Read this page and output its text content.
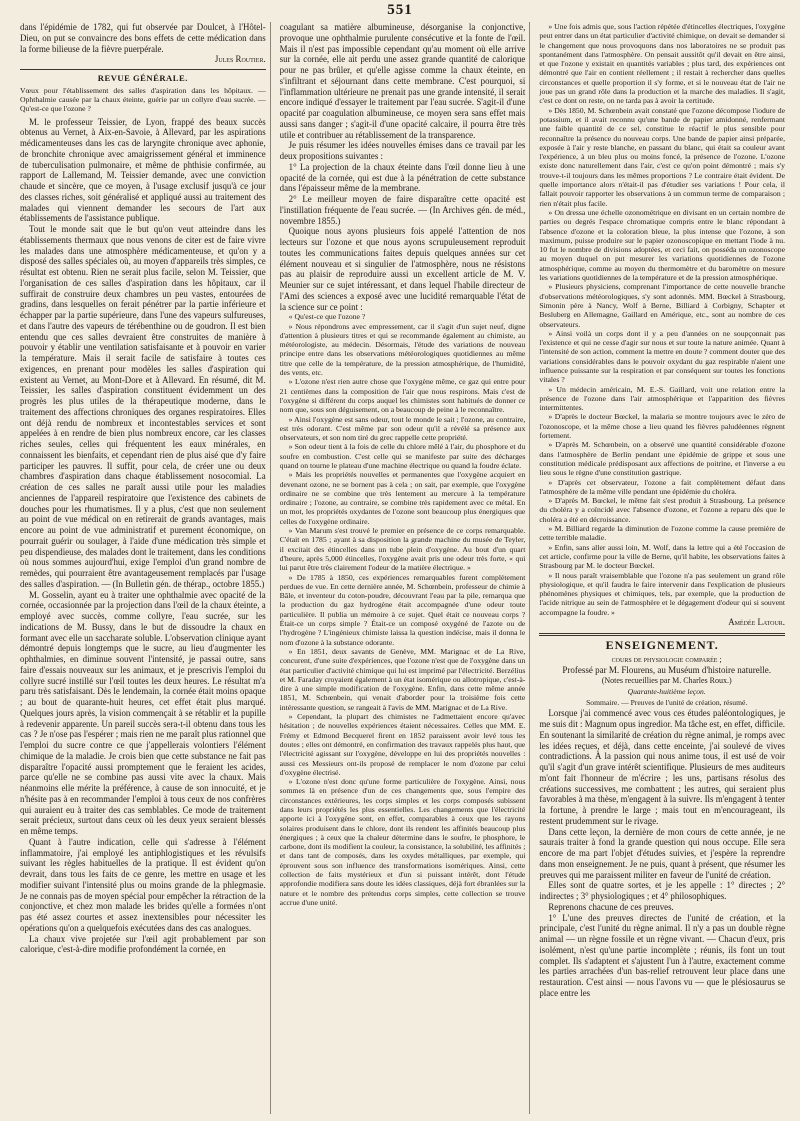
551

dans l'épidémie de 1782, qui fut observée par Doulcet, à l'Hôtel-Dieu, on put se convaincre des bons effets de cette médication dans la forme bilieuse de la fièvre puerpérale.

Jules Routier.

REVUE GÉNÉRALE.

Vœux pour l'établissement des salles d'aspiration dans les hôpitaux. — Ophthalmie causée par la chaux éteinte, guérie par un collyre d'eau sucrée. — Qu'est-ce que l'ozone ?

M. le professeur Teissier, de Lyon, frappé des beaux succès obtenus au Vernet, à Aix-en-Savoie, à Allevard, par les aspirations médicamenteuses dans les cas de laryngite chronique avec aphonie, de bronchite chronique avec amaigrissement général et imminence de tuberculisation pulmonaire, et même de phthisie confirmée, au rapport de Lallemand, M. Teissier demande, avec une conviction chaude et sincère, que ce moyen, à l'usage exclusif jusqu'à ce jour des classes riches, soit généralisé et appliqué aussi au traitement des malades qui viennent demander les secours de l'art aux établissements de l'assistance publique.

Tout le monde sait que le but qu'on veut atteindre dans les établissements thermaux que nous venons de citer est de faire vivre les malades dans une atmosphère médicamenteuse, et qu'on y a disposé des salles spéciales où, au moyen d'appareils très simples, ce résultat est obtenu. Rien ne serait plus facile, selon M. Teissier, que l'organisation de ces salles d'aspiration dans les hôpitaux, car il suffirait de construire deux chambres un peu vastes, entourées de gradins, dans lesquelles on ferait pénétrer par la partie inférieure et échapper par la partie supérieure, dans l'une des vapeurs sulfureuses, et dans l'autre des vapeurs de térébenthine ou de goudron. Il est bien entendu que ces salles devraient être construites de manière à pouvoir y établir une ventilation satisfaisante et à pouvoir en varier la température. Mais il serait facile de satisfaire à toutes ces exigences, en prenant pour modèles les salles d'aspiration qui existent au Vernet, au Mont-Dore et à Allevard. En résumé, dit M. Teissier, les salles d'aspiration constituent évidemment un des progrès les plus utiles de la thérapeutique moderne, dans le traitement des affections chroniques des organes respiratoires. Elles ont déjà rendu de nombreux et incontestables services et sont appelées à en rendre de bien plus nombreux encore, car les classes riches seules, celles qui fréquentent les eaux minérales, en connaissent les bienfaits, et cependant rien de plus aisé que d'y faire participer les pauvres. Il suffit, pour cela, de créer une ou deux chambres d'aspiration dans chaque établissement nosocomial. La création de ces salles ne paraît aussi utile pour les maladies anciennes de l'appareil respiratoire que l'existence des cabinets de douches pour les rhumatismes. Il y a plus, c'est que non seulement au point de vue médical on en retirerait de grands avantages, mais encore au point de vue administratif et purement économique, on pourrait guérir ou soulager, à l'aide d'une médication très simple et peu dispendieuse, des malades dont le traitement, dans les conditions où nous sommes aujourd'hui, exige l'emploi d'un grand nombre de remèdes, qui pourraient être avantageusement remplacés par l'usage des salles d'aspiration. — (In Bulletin gén. de thérap., octobre 1855.)

M. Gosselin, ayant eu à traiter une ophthalmie avec opacité de la cornée, occasionnée par la projection dans l'œil de la chaux éteinte, a employé avec succès, comme collyre, l'eau sucrée, sur les indications de M. Bussy, dans le but de dissoudre la chaux en formant avec elle un saccharate soluble. L'observation clinique ayant démontré depuis longtemps que le sucre, au lieu d'augmenter les ophthalmies, en diminue souvent l'intensité, je passai outre, sans faire d'essais nouveaux sur les animaux, et je prescrivis l'emploi du collyre sucré instillé sur l'œil toutes les deux heures. Le résultat m'a paru très satisfaisant. Dès le lendemain, la cornée était moins opaque ; au bout de quarante-huit heures, cet effet était plus marqué. Quelques jours après, la vision commençait à se rétablir et la pupille à redevenir apparente. Un pareil succès sera-t-il obtenu dans tous les cas ? Je n'ose pas l'espérer ; mais rien ne me paraît plus rationnel que l'emploi du sucre contre ce que j'appellerais volontiers l'élément chimique de la maladie. Je crois bien que cette substance ne fait pas disparaître l'opacité aussi promptement que le feraient les acides, parce qu'elle ne se combine pas aussi vite avec la chaux. Mais néanmoins elle mérite la préférence, à cause de son innocuité, et je n'hésite pas à en recommander l'emploi à tous ceux de nos confrères qui auraient eu à traiter des cas semblables. Ce mode de traitement serait précieux, surtout dans ceux où les deux yeux seraient blessés en même temps.

Quant à l'autre indication, celle qui s'adresse à l'élément inflammatoire, j'ai employé les antiphlogistiques et les révulsifs suivant les règles habituelles de la pratique. Il est évident qu'on devrait, dans tous les faits de ce genre, les mettre en usage et les modifier suivant l'intensité plus ou moins grande de la phlegmasie. Je ne connais pas de moyen spécial pour empêcher la rétraction de la conjonctive, et chez mon malade les brides qu'elle a formées n'ont pas été assez courtes et assez inextensibles pour nécessiter les opérations qu'on a quelquefois exécutées dans des cas analogues.

La chaux vive projetée sur l'œil agit probablement par son calorique, c'est-à-dire modifie profondément la cornée, en

coagulant sa matière albumineuse, désorganise la conjonctive, provoque une ophthalmie purulente consécutive et la fonte de l'œil. Mais il n'est pas impossible cependant qu'au moment où elle arrive sur la cornée, elle ait perdu une assez grande quantité de calorique pour ne pas brûler, et qu'elle agisse comme la chaux éteinte, en s'infiltrant et séjournant dans cette membrane. C'est pourquoi, si l'inflammation ultérieure ne prenait pas une grande intensité, il serait encore indiqué d'essayer le traitement par l'eau sucrée. S'agit-il d'une opacité par coagulation albumineuse, ce moyen sera sans effet mais aussi sans danger ; s'agit-il d'une opacité calcaire, il pourra être très utile et contribuer au rétablissement de la transparence.

Je puis résumer les idées nouvelles émises dans ce travail par les deux propositions suivantes :

1° La projection de la chaux éteinte dans l'œil donne lieu à une opacité de la cornée, qui est due à la pénétration de cette substance dans l'épaisseur même de la membrane.

2° Le meilleur moyen de faire disparaître cette opacité est l'instillation fréquente de l'eau sucrée. — (In Archives gén. de méd., novembre 1855.)

Quoique nous ayons plusieurs fois appelé l'attention de nos lecteurs sur l'ozone et que nous ayons scrupuleusement reproduit toutes les communications faites depuis quelques années sur cet élément nouveau et si singulier de l'atmosphère, nous ne résistons pas au plaisir de reproduire aussi un excellent article de M. V. Meunier sur ce sujet intéressant, et dans lequel l'habile directeur de l'Ami des sciences a exposé avec une lucidité remarquable l'état de la science sur ce point :

« Qu'est-ce que l'ozone ?

» Nous répondrons avec empressement, car il s'agit d'un sujet neuf, digne d'attention à plusieurs titres et qui se recommande également au chimiste, au météorologiste, au médecin. Désormais, l'étude des variations de nouveau principe entre dans les observations météorologiques quotidiennes au même titre que celle de la température, de la pression atmosphérique, de l'humidité, des vents, etc.

» L'ozone n'est rien autre chose que l'oxygène même, ce gaz qui entre pour 21 centièmes dans la composition de l'air que nous respirons. Mais c'est de l'oxygène si différent du corps auquel les chimistes sont habitués de donner ce nom que, sous son déguisement, on a beaucoup de peine à le reconnaître.

» Ainsi l'oxygène est sans odeur, tout le monde le sait ; l'ozone, au contraire, est très odorant. C'est même par son odeur qu'il a révélé sa présence aux observateurs, et son nom tiré du grec rappelle cette propriété.

» Son odeur tient à la fois de celle du chlore mêlé à l'air, du phosphore et du soufre en combustion. C'est celle qui se manifeste par suite des décharges quand on tourne le plateau d'une machine électrique ou quand la foudre éclate.

» Mais les propriétés nouvelles et permanentes que l'oxygène acquiert en devenant ozone, ne se bornent pas à cela ; on sait, par exemple, que l'oxygène ordinaire ne se combine que très lentement au mercure à la température ordinaire ; l'ozone, au contraire, se combine très rapidement avec ce métal. En un mot, les propriétés oxydantes de l'ozone sont beaucoup plus énergiques que celles de l'oxygène ordinaire.

» Van Marum s'est trouvé le premier en présence de ce corps remarquable. C'était en 1785 ; ayant à sa disposition la grande machine du musée de Teyler, il excitait des étincelles dans un tube plein d'oxygène. Au bout d'un quart d'heure, après 5,000 étincelles, l'oxygène avait pris une odeur très forte, « qui lui parut être très clairement l'odeur de la matière électrique. »

» De 1785 à 1850, ces expériences remarquables furent complètement perdues de vue. En cette dernière année, M. Schœnbein, professeur de chimie à Bâle, et inventeur du coton-poudre, découvrant l'eau par la pile, remarqua que la production du gaz hydrogène était accompagnée d'une odeur toute particulière. Il publia un mémoire à ce sujet. Quel était ce nouveau corps ? Était-ce un corps simple ? Était-ce un composé oxygéné de l'azote ou de l'hydrogène ? L'ingénieux chimiste laissa la question indécise, mais il donna le nom d'ozone à la substance odorante.

» En 1851, deux savants de Genève, MM. Marignac et de La Rive, concurent, d'une suite d'expériences, que l'ozone n'est que de l'oxygène dans un état particulier d'activité chimique qui lui est imprimé par l'électricité. Berzélius et M. Faraday croyaient également à un état isomérique ou allotropique, c'est-à-dire à une simple modification de l'oxygène. Enfin, dans cette même année 1851, M. Schœnbein, qui venait d'aborder pour la troisième fois cette intéressante question, se rangeait à l'avis de MM. Marignac et de La Rive.

» Cependant, la plupart des chimistes ne l'admettaient encore qu'avec hésitation ; de nouvelles expériences étaient nécessaires. Celles que MM. E. Frémy et Edmond Becquerel firent en 1852 paraissent avoir levé tous les doutes ; elles ont démontré, en confirmation des travaux rappelés plus haut, que l'électricité agissant sur l'oxygène, développe en lui des propriétés nouvelles : aussi ces Messieurs ont-ils proposé de remplacer le nom d'ozone par celui d'oxygène électrisé.

» L'ozone n'est donc qu'une forme particulière de l'oxygène. Ainsi, nous sommes là en présence d'un de ces changements que, sous l'empire des circonstances extérieures, les corps simples et les corps composés subissent dans leurs propriétés les plus essentielles. Les changements que l'électricité apporte ici à l'oxygène sont, en effet, comparables à ceux que les rayons solaires produisent dans le chlore, dont ils rendent les affinités beaucoup plus énergiques ; à ceux que la chaleur détermine dans le soufre, le phosphore, le carbone, dont ils modifient la couleur, la consistance, la solubilité, les affinités ; et dans tant de composés, dans les oxydes métalliques, par exemple, qui éprouvent sous son influence des transformations isomériques. Ainsi, cette collection de faits mystérieux et d'un si puissant intérêt, dont l'étude approfondie modifiera sans doute les idées classiques, déjà fort ébranlées sur la nature et le nombre des prétendus corps simples, cette collection se trouve accrue d'une unité.

» Une fois admis que, sous l'action répétée d'étincelles électriques, l'oxygène peut entrer dans un état particulier d'activité chimique, on devait se demander si le changement que nous provoquons dans nos laboratoires ne se produit pas spontanément dans l'atmosphère. On pensait aussitôt qu'il devait en être ainsi, et que l'ozone y existait en quantités variables ; plus tard, des expériences ont démontré que l'air en contient réellement ; il restait à rechercher dans quelles circonstances et quelle proportion il s'y forme, et si le nouveau état de l'air ne joue pas un grand rôle dans la production et la marche des maladies. Il s'agit, c'est ce dont on reste, on ne tarda pas à avoir la certitude.

» Dès 1850, M. Schœnbein avait constaté que l'ozone décompose l'iodure de potassium, et il avait reconnu qu'une bande de papier amidonné, renfermant une faible quantité de ce sel, constitue le réactif le plus sensible pour reconnaître la présence du nouveau corps. Une bande de papier ainsi préparée, exposée à l'air y reste blanche, en passant du blanc, qui était sa couleur avant l'expérience, à un bleu plus ou moins foncé, la présence de l'ozone. L'ozone existe donc naturellement dans l'air, c'est ce qu'on point démontré ; mais s'y trouve-t-il toujours dans les mêmes proportions ? Le contraire était évident. De quelle importance alors n'était-il pas d'étudier ses variations ! Pour cela, il fallait pouvoir rapporter les observations à un commun terme de comparaison ; rien n'était plus facile.

» On dressa une échelle ozonométrique en divisant en un certain nombre de parties ou degrés l'espace chromatique compris entre le blanc répondant à l'absence d'ozone et la coloration bleue, la plus intense que l'ozone, à son maximum, puisse produire sur le papier ozonoscopique en mettant l'iode à nu. 10 fut le nombre de divisions adoptées, et ceci fait, on posséda un ozonoscope au moyen duquel on put mesurer les variations quotidiennes de l'ozone atmosphérique, comme au moyen du thermomètre et du baromètre on mesure les variations quotidiennes de la température et de la pression atmosphérique.

» Plusieurs physiciens, comprenant l'importance de cette nouvelle branche d'observations météorologiques, s'y sont adonnés. MM. Bœckel à Strasbourg, Simonin père à Nancy, Wolf à Berne, Billiard à Corbigny, Schapter et Besluberg en Allemagne, Gaillard en Amérique, etc., sont au nombre de ces observateurs.

» Ainsi voilà un corps dont il y a peu d'années on ne soupçonnait pas l'existence et qui ne cesse d'agir sur nous et sur toute la nature animée. Quant à l'intensité de son action, comment la mettre en doute ? comment douter que des variations considérables dans le pouvoir oxydant du gaz respirable n'aient une influence puissante sur la respiration et par conséquent sur toutes les fonctions vitales ?

» Un médecin américain, M. E.-S. Gaillard, voit une relation entre la présence de l'ozone dans l'air atmosphérique et l'apparition des fièvres intermittentes.

» D'après le docteur Bœckel, la malaria se montre toujours avec le zéro de l'ozonoscope, et la même chose a lieu quand les fièvres paludéennes règnent fortement.

» D'après M. Schœnbein, on a observé une quantité considérable d'ozone dans l'atmosphère de Berlin pendant une épidémie de grippe et sous une constitution médicale prédisposant aux affections de poitrine, et l'inverse a eu lieu sous le règne d'une constitution gastrique.

» D'après cet observateur, l'ozone a fait complètement défaut dans l'atmosphère de la même ville pendant une épidémie du choléra.

» D'après M. Bœckel, le même fait s'est produit à Strasbourg. La présence du choléra y a coïncidé avec l'absence d'ozone, et l'ozone a reparu dès que le choléra a été en décroissance.

» M. Billiard regarde la diminution de l'ozone comme la cause première de cette terrible maladie.

» Enfin, sans aller aussi loin, M. Wolf, dans la lettre qui a été l'occasion de cet article, confirme pour la ville de Berne, qu'il habite, les observations faites à Strasbourg par M. le docteur Bœckel.

» Il nous paraît vraisemblable que l'ozone n'a pas seulement un grand rôle physiologique, et qu'il faudra le faire intervenir dans l'explication de plusieurs phénomènes physiques et chimiques, tels, par exemple, que la production de l'acide nitrique au sein de l'atmosphère et le dégagement d'odeur qui si souvent accompagne la foudre. »

Amédée Latour.

ENSEIGNEMENT.

cours de physiologie comparée ;

Professé par M. Flourens, au Muséum d'histoire naturelle.

(Notes recueillies par M. Charles Roux.)

Quarante-huitième leçon.

Sommaire. — Preuves de l'unité de création, résumé.

Lorsque j'ai commencé avec vous ces études paléontologiques, je me suis dit : Magnum opus ingredior. Ma tâche est, en effet, difficile. En soutenant la similarité de création du règne animal, je romps avec les idées reçues, et déjà, dans cette enceinte, j'ai soulevé de vives contradictions. À la passion qui nous anime tous, il est usé de voir qu'il s'agit d'un grave intérêt scientifique. Plusieurs de mes auditeurs m'ont fait l'honneur de m'écrire ; les uns, partisans résolus des créations successives, me combattent ; les autres, qui seraient plus favorables à ma thèse, m'engagent à la suivre. Ils m'engagent à tenter la fortune, à prendre le large ; mais tout en m'encourageant, ils restent prudemment sur le rivage.

Dans cette leçon, la dernière de mon cours de cette année, je ne saurais traiter à fond la grande question qui nous occupe. Elle sera encore de ma part l'objet d'études suivies, et j'espère la reprendre dans mon enseignement. Je ne puis, quant à présent, que résumer les preuves qui me paraissent militer en faveur de l'unité de création.

Elles sont de quatre sortes, et je les appelle : 1° directes ; 2° indirectes ; 3° physiologiques ; et 4° philosophiques.

Reprenons chacune de ces preuves.

1° L'une des preuves directes de l'unité de création, et la principale, c'est l'unité du règne animal. Il n'y a pas un double règne animal — un règne fossile et un règne vivant. — Chacun d'eux, pris isolément, n'est qu'une partie incomplète ; réunis, ils font un tout complet. Ils s'adaptent et s'ajustent l'un à l'autre, exactement comme les parties arrachées d'un bas-relief retrouvent leur place dans une restauration. C'est ainsi — nous l'avons vu — que le plésiosaurus se place entre les
